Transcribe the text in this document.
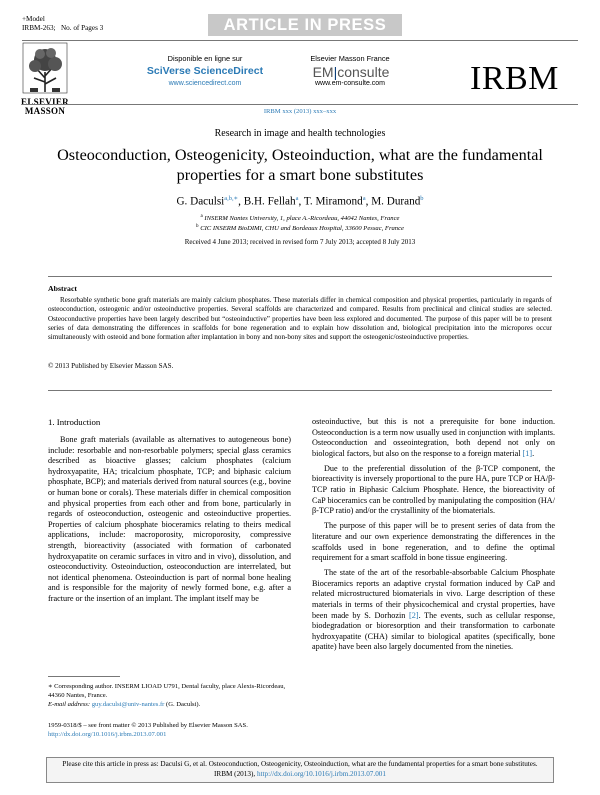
+Model
IRBM-263; No. of Pages 3	ARTICLE IN PRESS
ELSEVIER
MASSON
Disponible en ligne sur
SciVerse ScienceDirect
www.sciencedirect.com
Elsevier Masson France
EM|consulte
www.em-consulte.com	IRBM
IRBM xxx (2013) xxx–xxx
Research in image and health technologies
Osteoconduction, Osteogenicity, Osteoinduction, what are the fundamental properties for a smart bone substitutes
G. Daculsi$^{a,b,∗}$, B.H. Fellah$^a$, T. Miramond$^a$, M. Durand$^b$
$^a$ INSERM Nantes University, 1, place A.-Ricordeau, 44042 Nantes, France
$^b$ CIC INSERM BioDIMI, CHU and Bordeaux Hospital, 33600 Pessac, France
Received 4 June 2013; received in revised form 7 July 2013; accepted 8 July 2013
Abstract
Resorbable synthetic bone graft materials are mainly calcium phosphates. These materials differ in chemical composition and physical properties, particularly in regards of osteoconduction, osteogenic and/or osteoinductive properties. Several scaffolds are characterized and compared. Results from preclinical and clinical studies are selected. Osteoconductive properties have been largely described but “osteoinductive” properties have been less explored and documented. The purpose of this paper will be to present series of data demonstrating the differences in scaffolds for bone regeneration and to explain how dissolution and, biological precipitation into the micropores occur simultaneously with osteoid and bone formation after implantation in bony and non-bony sites and support the osteogenic/osteoinductive properties.
© 2013 Published by Elsevier Masson SAS.
1. Introduction
Bone graft materials (available as alternatives to autogeneous bone) include: resorbable and non-resorbable polymers; special glass ceramics described as bioactive glasses; calcium phosphates (calcium hydroxyapatite, HA; tricalcium phosphate, TCP; and biphasic calcium phosphate, BCP); and materials derived from natural sources (e.g., bovine or human bone or corals). These materials differ in chemical composition and physical properties from each other and from bone, particularly in regards of osteoconduction, osteogenic and osteoinductive properties. Properties of calcium phosphate bioceramics relating to theirs medical applications, include: macroporosity, microporosity, compressive strength, bioreactivity (associated with formation of carbonated hydroxyapatite on ceramic surfaces in vitro and in vivo), dissolution, and osteoconductivity. Osteoinduction, osteoconduction are interrelated, but not identical phenomena. Osteoinduction is part of normal bone healing and is responsible for the majority of newly formed bone, e.g. after a fracture or the insertion of an implant. The implant itself may be

osteoinductive, but this is not a prerequisite for bone induction. Osteoconduction is a term now usually used in conjunction with implants. Osteoconduction and osseointegration, both depend not only on biological factors, but also on the response to a foreign material [1].

Due to the preferential dissolution of the β-TCP component, the bioreactivity is inversely proportional to the pure HA, pure TCP or HA/β-TCP ratio in Biphasic Calcium Phosphate. Hence, the bioreactivity of CaP bioceramics can be controlled by manipulating the composition (HA/β-TCP ratio) and/or the crystallinity of the biomaterials.

The purpose of this paper will be to present series of data from the literature and our own experience demonstrating the differences in the scaffolds used in bone regeneration, and to define the optimal requirement for a smart scaffold in bone tissue engineering.

The state of the art of the resorbable-absorbable Calcium Phosphate Bioceramics reports an adaptive crystal formation induced by CaP and related microstructured biomaterials in vivo. Large description of these materials in terms of their physicochemical and crystal properties, have been made by S. Dorhozin [2]. The events, such as cellular response, biodegradation or bioresorption and their transformation to carbonate hydroxyapatite (CHA) similar to biological apatites (specifically, bone apatite) have been also largely documented from the nineties.

∗ Corresponding author. INSERM LIOAD U791, Dental faculty, place Alexis-Ricordeau, 44360 Nantes, France.
E-mail address: guy.daculsi@univ-nantes.fr (G. Daculsi).
1959-0318/$ – see front matter © 2013 Published by Elsevier Masson SAS.
http://dx.doi.org/10.1016/j.irbm.2013.07.001
Please cite this article in press as: Daculsi G, et al. Osteoconduction, Osteogenicity, Osteoinduction, what are the fundamental properties for a smart bone substitutes. IRBM (2013), http://dx.doi.org/10.1016/j.irbm.2013.07.001
